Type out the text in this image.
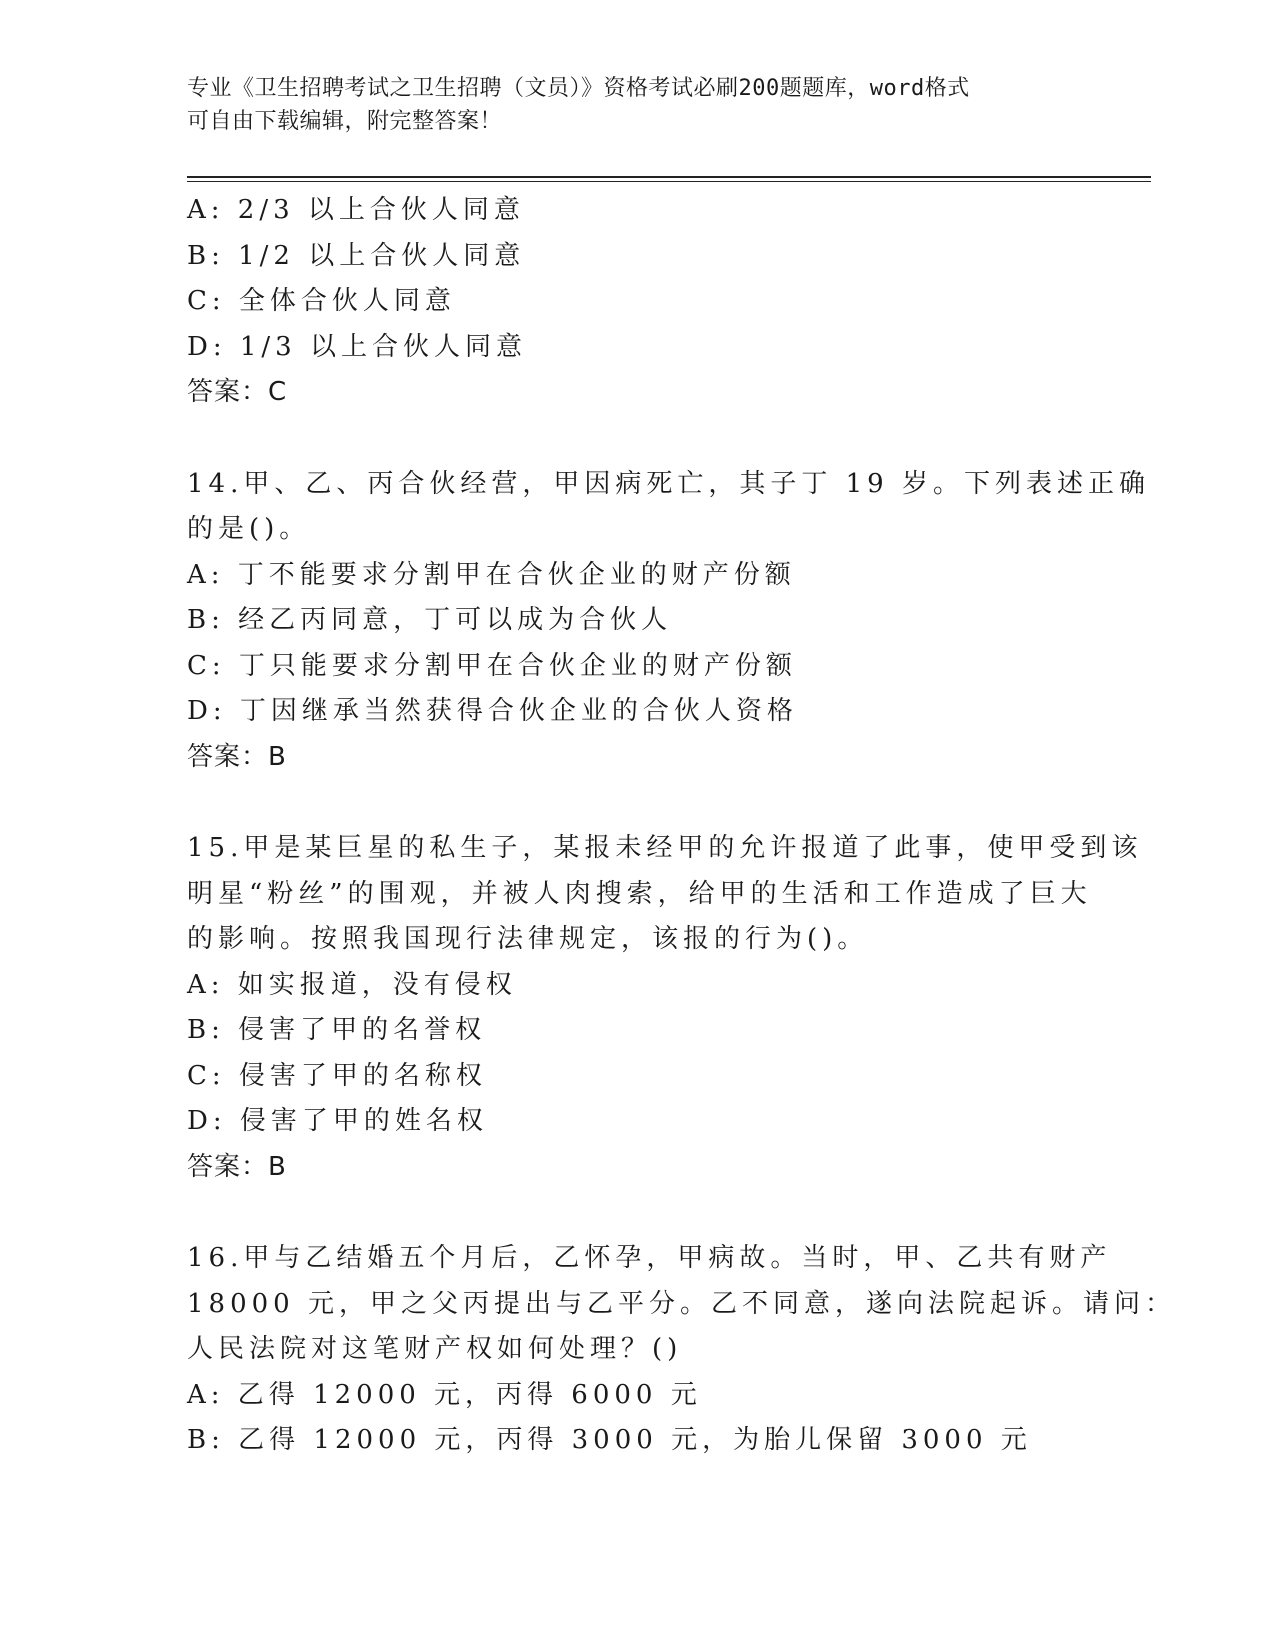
专业《卫生招聘考试之卫生招聘（文员）》资格考试必刷200题题库，word格式
可自由下载编辑，附完整答案！
A: 2/3 以上合伙人同意
B: 1/2 以上合伙人同意
C: 全体合伙人同意
D: 1/3 以上合伙人同意
答案：C
14.甲、乙、丙合伙经营，甲因病死亡，其子丁 19 岁。下列表述正确
的是()。
A: 丁不能要求分割甲在合伙企业的财产份额
B: 经乙丙同意，丁可以成为合伙人
C: 丁只能要求分割甲在合伙企业的财产份额
D: 丁因继承当然获得合伙企业的合伙人资格
答案：B
15.甲是某巨星的私生子，某报未经甲的允许报道了此事，使甲受到该
明星“粉丝”的围观，并被人肉搜索，给甲的生活和工作造成了巨大
的影响。按照我国现行法律规定，该报的行为()。
A: 如实报道，没有侵权
B: 侵害了甲的名誉权
C: 侵害了甲的名称权
D: 侵害了甲的姓名权
答案：B
16.甲与乙结婚五个月后，乙怀孕，甲病故。当时，甲、乙共有财产
18000 元，甲之父丙提出与乙平分。乙不同意，遂向法院起诉。请问：
人民法院对这笔财产权如何处理？()
A: 乙得 12000 元，丙得 6000 元
B: 乙得 12000 元，丙得 3000 元，为胎儿保留 3000 元
